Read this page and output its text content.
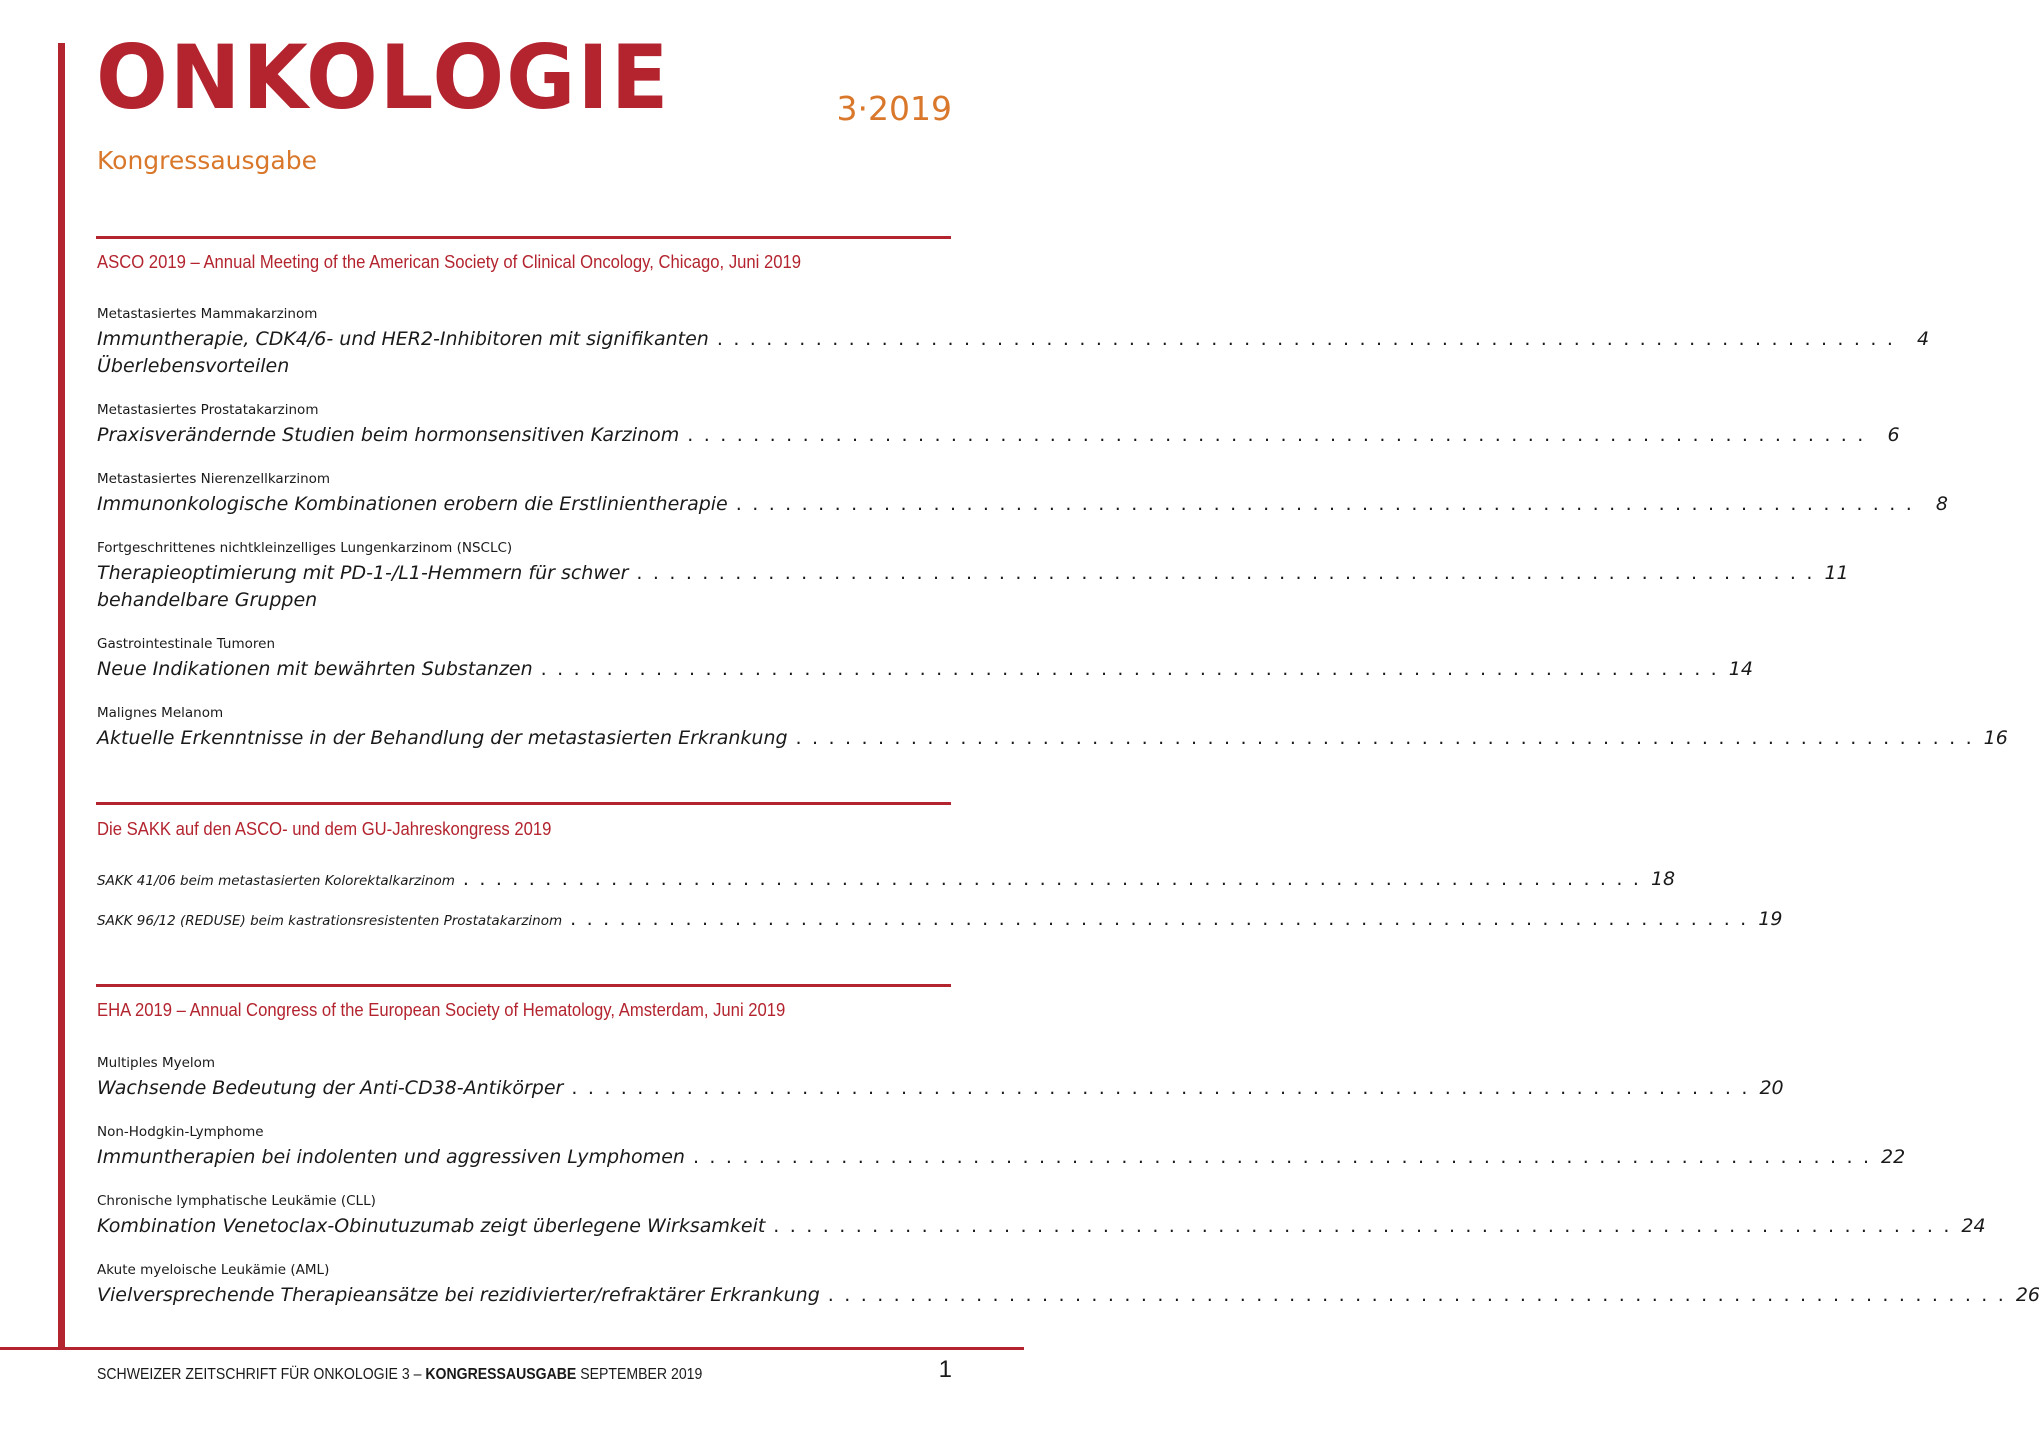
ONKOLOGIE	3·2019
Kongressausgabe
ASCO 2019 – Annual Meeting of the American Society of Clinical Oncology, Chicago, Juni 2019
Metastasiertes Mammakarzinom
Immuntherapie, CDK4/6- und HER2-Inhibitoren mit signifikanten . . . . . . . . . . . . . . . . . . . . . . . . . . . . . . . . . . . . . . . . . . . . . . . . . . . . . . . . . . . . . . . . . . . . . . . .	4
Überlebensvorteilen
Metastasiertes Prostatakarzinom
Praxisverändernde Studien beim hormonsensitiven Karzinom . . . . . . . . . . . . . . . . . . . . . . . . . . . . . . . . . . . . . . . . . . . . . . . . . . . . . . . . . . . . . . . . . . . . . . . .	6
Metastasiertes Nierenzellkarzinom
Immunonkologische Kombinationen erobern die Erstlinientherapie . . . . . . . . . . . . . . . . . . . . . . . . . . . . . . . . . . . . . . . . . . . . . . . . . . . . . . . . . . . . . . . . . . . . . . . .	8
Fortgeschrittenes nichtkleinzelliges Lungenkarzinom (NSCLC)
Therapieoptimierung mit PD-1-/L1-Hemmern für schwer . . . . . . . . . . . . . . . . . . . . . . . . . . . . . . . . . . . . . . . . . . . . . . . . . . . . . . . . . . . . . . . . . . . . . . . . 11
behandelbare Gruppen
Gastrointestinale Tumoren
Neue Indikationen mit bewährten Substanzen . . . . . . . . . . . . . . . . . . . . . . . . . . . . . . . . . . . . . . . . . . . . . . . . . . . . . . . . . . . . . . . . . . . . . . . . 14
Malignes Melanom
Aktuelle Erkenntnisse in der Behandlung der metastasierten Erkrankung . . . . . . . . . . . . . . . . . . . . . . . . . . . . . . . . . . . . . . . . . . . . . . . . . . . . . . . . . . . . . . . . . . . . . . . . 16
Die SAKK auf den ASCO- und dem GU-Jahreskongress 2019
SAKK 41/06 beim metastasierten Kolorektalkarzinom . . . . . . . . . . . . . . . . . . . . . . . . . . . . . . . . . . . . . . . . . . . . . . . . . . . . . . . . . . . . . . . . . . . . . . . . 18
SAKK 96/12 (REDUSE) beim kastrationsresistenten Prostatakarzinom . . . . . . . . . . . . . . . . . . . . . . . . . . . . . . . . . . . . . . . . . . . . . . . . . . . . . . . . . . . . . . . . . . . . . . . . 19
EHA 2019 – Annual Congress of the European Society of Hematology, Amsterdam, Juni 2019
Multiples Myelom
Wachsende Bedeutung der Anti-CD38-Antikörper . . . . . . . . . . . . . . . . . . . . . . . . . . . . . . . . . . . . . . . . . . . . . . . . . . . . . . . . . . . . . . . . . . . . . . . . 20
Non-Hodgkin-Lymphome
Immuntherapien bei indolenten und aggressiven Lymphomen . . . . . . . . . . . . . . . . . . . . . . . . . . . . . . . . . . . . . . . . . . . . . . . . . . . . . . . . . . . . . . . . . . . . . . . . 22
Chronische lymphatische Leukämie (CLL)
Kombination Venetoclax-Obinutuzumab zeigt überlegene Wirksamkeit . . . . . . . . . . . . . . . . . . . . . . . . . . . . . . . . . . . . . . . . . . . . . . . . . . . . . . . . . . . . . . . . . . . . . . . . 24
Akute myeloische Leukämie (AML)
Vielversprechende Therapieansätze bei rezidivierter/refraktärer Erkrankung . . . . . . . . . . . . . . . . . . . . . . . . . . . . . . . . . . . . . . . . . . . . . . . . . . . . . . . . . . . . . . . . . . . . . . . . 26
SCHWEIZER ZEITSCHRIFT FÜR ONKOLOGIE 3 – KONGRESSAUSGABE SEPTEMBER 2019	1
